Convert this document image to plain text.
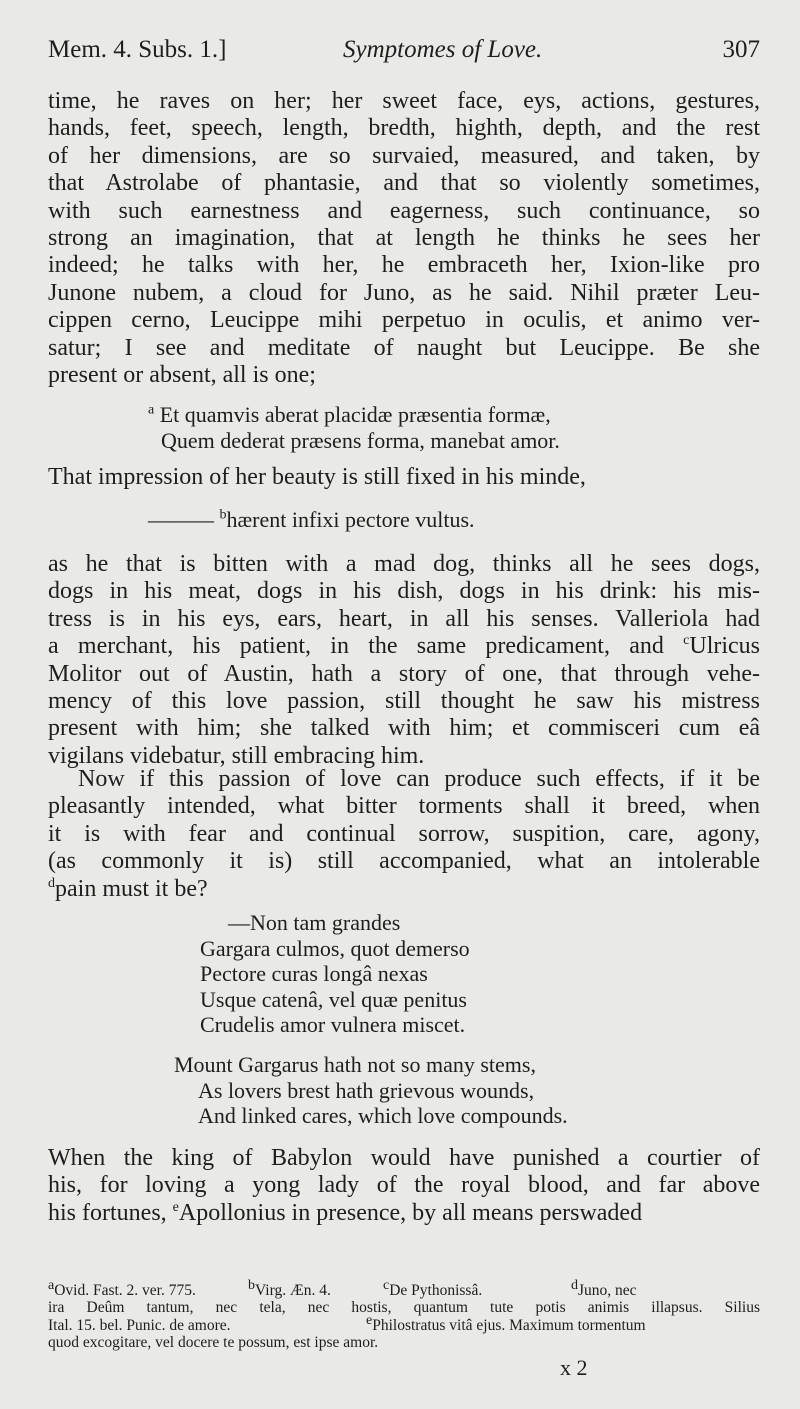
Mem. 4. Subs. 1.]	Symptomes of Love.	307
time, he raves on her; her sweet face, eys, actions, gestures,
hands, feet, speech, length, bredth, highth, depth, and the rest
of her dimensions, are so survaied, measured, and taken, by
that Astrolabe of phantasie, and that so violently sometimes,
with such earnestness and eagerness, such continuance, so
strong an imagination, that at length he thinks he sees her
indeed; he talks with her, he embraceth her, Ixion-like pro
Junone nubem, a cloud for Juno, as he said. Nihil præter Leu-
cippen cerno, Leucippe mihi perpetuo in oculis, et animo ver-
satur; I see and meditate of naught but Leucippe. Be she
present or absent, all is one;
$^a$ Et quamvis aberat placidæ præsentia formæ,
Quem dederat præsens forma, manebat amor.
That impression of her beauty is still fixed in his minde,
——— $^b$hærent infixi pectore vultus.
as he that is bitten with a mad dog, thinks all he sees dogs,
dogs in his meat, dogs in his dish, dogs in his drink: his mis-
tress is in his eys, ears, heart, in all his senses. Valleriola had
a merchant, his patient, in the same predicament, and $^c$Ulricus
Molitor out of Austin, hath a story of one, that through vehe-
mency of this love passion, still thought he saw his mistress
present with him; she talked with him; et commisceri cum eâ
vigilans videbatur, still embracing him.
Now if this passion of love can produce such effects, if it be
pleasantly intended, what bitter torments shall it breed, when
it is with fear and continual sorrow, suspition, care, agony,
(as commonly it is) still accompanied, what an intolerable
$^d$pain must it be?
—Non tam grandes
Gargara culmos, quot demerso
Pectore curas longâ nexas
Usque catenâ, vel quæ penitus
Crudelis amor vulnera miscet.
Mount Gargarus hath not so many stems,
As lovers brest hath grievous wounds,
And linked cares, which love compounds.
When the king of Babylon would have punished a courtier of
his, for loving a yong lady of the royal blood, and far above
his fortunes, $^e$Apollonius in presence, by all means perswaded
aOvid. Fast. 2. ver. 775.	bVirg. Æn. 4.	cDe Pythonissâ.	dJuno, nec
ira Deûm tantum, nec tela, nec hostis, quantum tute potis animis illapsus. Silius
Ital. 15. bel. Punic. de amore.	ePhilostratus vitâ ejus. Maximum tormentum
quod excogitare, vel docere te possum, est ipse amor.
x 2
